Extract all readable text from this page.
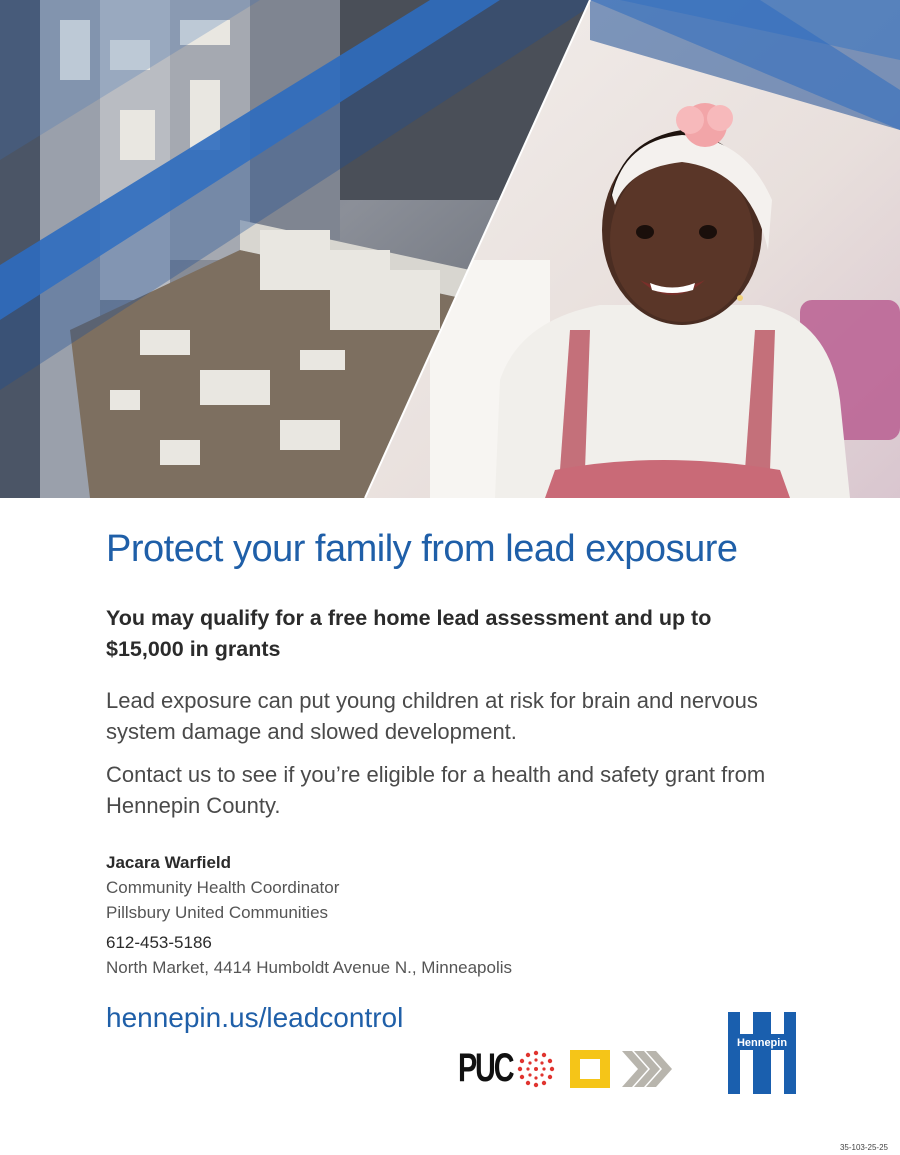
Protect your family from lead exposure

You may qualify for a free home lead assessment and up to $15,000 in grants

Lead exposure can put young children at risk for brain and nervous system damage and slowed development.

Contact us to see if you’re eligible for a health and safety grant from Hennepin County.

Jacara Warfield
Community Health Coordinator
Pillsbury United Communities
612-453-5186
North Market, 4414 Humboldt Avenue N., Minneapolis
hennepin.us/leadcontrol
PUC
Hennepin
35-103-25-25
